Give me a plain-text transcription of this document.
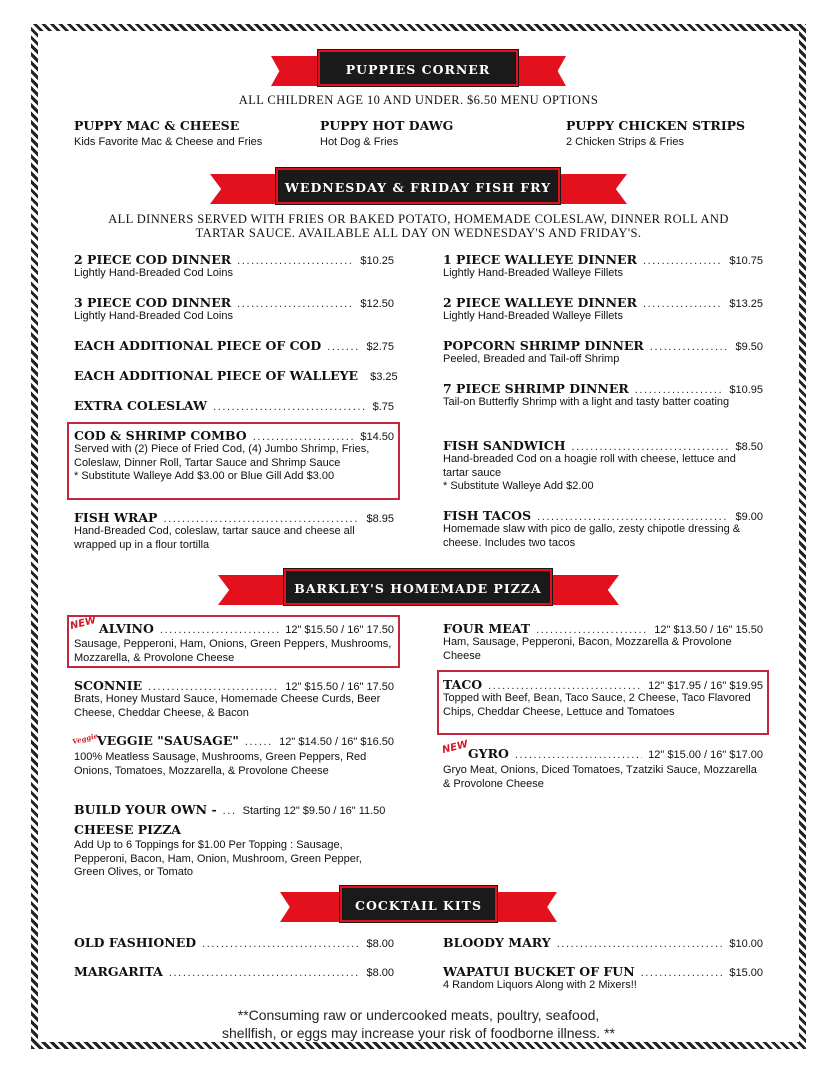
PUPPIES CORNER
ALL CHILDREN AGE 10 AND UNDER. $6.50 MENU OPTIONS
PUPPY MAC & CHEESE
Kids Favorite Mac & Cheese and Fries
PUPPY HOT DAWG
Hot Dog & Fries
PUPPY CHICKEN STRIPS
2 Chicken Strips & Fries
WEDNESDAY & FRIDAY FISH FRY
ALL DINNERS SERVED WITH FRIES OR BAKED POTATO, HOMEMADE COLESLAW, DINNER ROLL AND
TARTAR SAUCE. AVAILABLE ALL DAY ON WEDNESDAY'S AND FRIDAY'S.
2 PIECE COD DINNER .....	$10.25
Lightly Hand-Breaded Cod Loins
3 PIECE COD DINNER .....	$12.50
Lightly Hand-Breaded Cod Loins
EACH ADDITIONAL PIECE OF COD .....	$2.75
EACH ADDITIONAL PIECE OF WALLEYE $3.25
EXTRA COLESLAW .....	$.75
COD & SHRIMP COMBO .....	$14.50
Served with (2) Piece of Fried Cod, (4) Jumbo Shrimp, Fries, Coleslaw, Dinner Roll, Tartar Sauce and Shrimp Sauce
* Substitute Walleye Add $3.00 or Blue Gill Add $3.00
FISH WRAP .....	$8.95
Hand-Breaded Cod, coleslaw, tartar sauce and cheese all wrapped up in a flour tortilla
1 PIECE WALLEYE DINNER .....	$10.75
Lightly Hand-Breaded Walleye Fillets
2 PIECE WALLEYE DINNER .....	$13.25
Lightly Hand-Breaded Walleye Fillets
POPCORN SHRIMP DINNER .....	$9.50
Peeled, Breaded and Tail-off Shrimp
7 PIECE SHRIMP DINNER .....	$10.95
Tail-on Butterfly Shrimp with a light and tasty batter coating
FISH SANDWICH .....	$8.50
Hand-breaded Cod on a hoagie roll with cheese, lettuce and tartar sauce
* Substitute Walleye Add $2.00
FISH TACOS .....	$9.00
Homemade slaw with pico de gallo, zesty chipotle dressing & cheese. Includes two tacos
BARKLEY'S HOMEMADE PIZZA
NEW ALVINO .....	12" $15.50 / 16" 17.50
Sausage, Pepperoni, Ham, Onions, Green Peppers, Mushrooms, Mozzarella, & Provolone Cheese
SCONNIE .....	12" $15.50 / 16" 17.50
Brats, Honey Mustard Sauce, Homemade Cheese Curds, Beer Cheese, Cheddar Cheese, & Bacon
Veggie
VEGGIE "SAUSAGE" .....	12" $14.50 / 16" $16.50
100% Meatless Sausage, Mushrooms, Green Peppers, Red Onions, Tomatoes, Mozzarella, & Provolone Cheese
BUILD YOUR OWN - ..... Starting 12" $9.50 / 16" 11.50
CHEESE PIZZA
Add Up to 6 Toppings for $1.00 Per Topping : Sausage, Pepperoni, Bacon, Ham, Onion, Mushroom, Green Pepper, Green Olives, or Tomato
FOUR MEAT .....	12" $13.50 / 16" 15.50
Ham, Sausage, Pepperoni, Bacon, Mozzarella & Provolone Cheese
TACO .....	12" $17.95 / 16" $19.95
Topped with Beef, Bean, Taco Sauce, 2 Cheese, Taco Flavored Chips, Cheddar Cheese, Lettuce and Tomatoes
NEW
GYRO .....	12" $15.00 / 16" $17.00
Gryo Meat, Onions, Diced Tomatoes, Tzatziki Sauce, Mozzarella & Provolone Cheese
COCKTAIL KITS
OLD FASHIONED .....	$8.00
MARGARITA .....	$8.00
BLOODY MARY .....	$10.00
WAPATUI BUCKET OF FUN .....	$15.00
4 Random Liquors Along with 2 Mixers!!
**Consuming raw or undercooked meats, poultry, seafood,
shellfish, or eggs may increase your risk of foodborne illness. **
